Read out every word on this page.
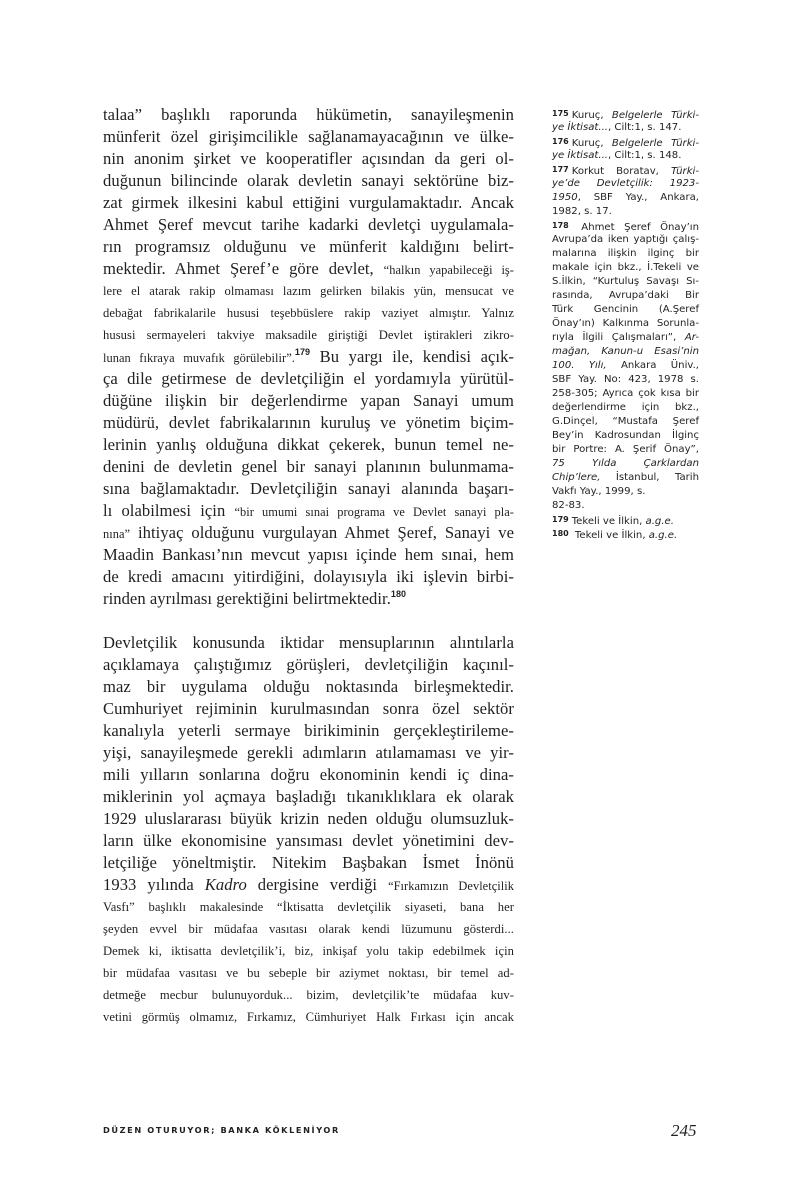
talaa” başlıklı raporunda hükümetin, sanayileşmenin
münferit özel girişimcilikle sağlanamayacağının ve ülke-
nin anonim şirket ve kooperatifler açısından da geri ol-
duğunun bilincinde olarak devletin sanayi sektörüne biz-
zat girmek ilkesini kabul ettiğini vurgulamaktadır. Ancak
Ahmet Şeref mevcut tarihe kadarki devletçi uygulamala-
rın programsız olduğunu ve münferit kaldığını belirt-
mektedir. Ahmet Şeref’e göre devlet, “halkın yapabileceği iş-
lere el atarak rakip olmaması lazım gelirken bilakis yün, mensucat ve
debağat fabrikalarile hususi teşebbüslere rakip vaziyet almıştır. Yalnız
hususi sermayeleri takviye maksadile giriştiği Devlet iştirakleri zikro-
lunan fıkraya muvafık görülebilir”.$^{179}$ Bu yargı ile, kendisi açık-
ça dile getirmese de devletçiliğin el yordamıyla yürütül-
düğüne ilişkin bir değerlendirme yapan Sanayi umum
müdürü, devlet fabrikalarının kuruluş ve yönetim biçim-
lerinin yanlış olduğuna dikkat çekerek, bunun temel ne-
denini de devletin genel bir sanayi planının bulunmama-
sına bağlamaktadır. Devletçiliğin sanayi alanında başarı-
lı olabilmesi için “bir umumi sınai programa ve Devlet sanayi pla-
nına” ihtiyaç olduğunu vurgulayan Ahmet Şeref, Sanayi ve
Maadin Bankası’nın mevcut yapısı içinde hem sınai, hem
de kredi amacını yitirdiğini, dolayısıyla iki işlevin birbi-
rinden ayrılması gerektiğini belirtmektedir.$^{180}$
Devletçilik konusunda iktidar mensuplarının alıntılarla
açıklamaya çalıştığımız görüşleri, devletçiliğin kaçınıl-
maz bir uygulama olduğu noktasında birleşmektedir.
Cumhuriyet rejiminin kurulmasından sonra özel sektör
kanalıyla yeterli sermaye birikiminin gerçekleştirileme-
yişi, sanayileşmede gerekli adımların atılamaması ve yir-
mili yılların sonlarına doğru ekonominin kendi iç dina-
miklerinin yol açmaya başladığı tıkanıklıklara ek olarak
1929 uluslararası büyük krizin neden olduğu olumsuzluk-
ların ülke ekonomisine yansıması devlet yönetimini dev-
letçiliğe yöneltmiştir. Nitekim Başbakan İsmet İnönü
1933 yılında Kadro dergisine verdiği “Fırkamızın Devletçilik
Vasfı” başlıklı makalesinde “İktisatta devletçilik siyaseti, bana her
şeyden evvel bir müdafaa vasıtası olarak kendi lüzumunu gösterdi...
Demek ki, iktisatta devletçilik’i, biz, inkişaf yolu takip edebilmek için
bir müdafaa vasıtası ve bu sebeple bir aziymet noktası, bir temel ad-
detmeğe mecbur bulunuyorduk... bizim, devletçilik’te müdafaa kuv-
vetini görmüş olmamız, Fırkamız, Cümhuriyet Halk Fırkası için ancak
175 Kuruç, Belgelerle Türki-
ye İktisat..., Cilt:1, s. 147.
176 Kuruç, Belgelerle Türki-
ye İktisat..., Cilt:1, s. 148.
177 Korkut Boratav, Türki-
ye’de Devletçilik: 1923-
1950, SBF Yay., Ankara,
1982, s. 17.
178 Ahmet Şeref Önay’ın
Avrupa’da iken yaptığı çalış-
malarına ilişkin ilginç bir
makale için bkz., İ.Tekeli ve
S.İlkin, “Kurtuluş Savaşı Sı-
rasında, Avrupa’daki Bir
Türk Gencinin (A.Şeref
Önay’ın) Kalkınma Sorunla-
rıyla İlgili Çalışmaları”, Ar-
mağan, Kanun-u Esasi’nin
100. Yılı, Ankara Üniv.,
SBF Yay. No: 423, 1978 s.
258-305; Ayrıca çok kısa bir
değerlendirme için bkz.,
G.Dinçel, “Mustafa Şeref
Bey’in Kadrosundan İlginç
bir Portre: A. Şerif Önay”,
75 Yılda Çarklardan
Chip’lere, İstanbul, Tarih
Vakfı Yay., 1999, s.
82-83.
179 Tekeli ve İlkin, a.g.e.
180 Tekeli ve İlkin, a.g.e.
DÜZEN OTURUYOR; BANKA KÖKLENİYOR	245
